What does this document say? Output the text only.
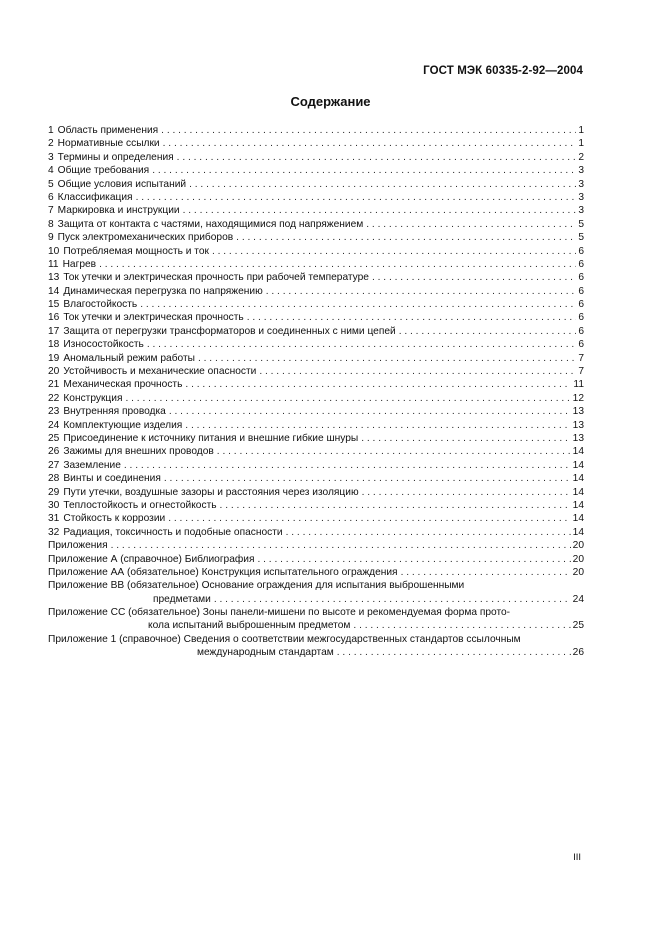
ГОСТ МЭК 60335-2-92—2004
Содержание
1 Область применения . . .	1
2 Нормативные ссылки . . .	1
3 Термины и определения . . .	2
4 Общие требования . . .	3
5 Общие условия испытаний . . .	3
6 Классификация . . .	3
7 Маркировка и инструкции . . .	3
8 Защита от контакта с частями, находящимися под напряжением . . .	5
9 Пуск электромеханических приборов . . .	5
10 Потребляемая мощность и ток . . .	6
11 Нагрев . . .	6
13 Ток утечки и электрическая прочность при рабочей температуре . . .	6
14 Динамическая перегрузка по напряжению . . .	6
15 Влагостойкость . . .	6
16 Ток утечки и электрическая прочность . . .	6
17 Защита от перегрузки трансформаторов и соединенных с ними цепей . . .	6
18 Износостойкость . . .	6
19 Аномальный режим работы . . .	7
20 Устойчивость и механические опасности . . .	7
21 Механическая прочность . . .	11
22 Конструкция . . .	12
23 Внутренняя проводка . . .	13
24 Комплектующие изделия . . .	13
25 Присоединение к источнику питания и внешние гибкие шнуры . . .	13
26 Зажимы для внешних проводов . . .	14
27 Заземление . . .	14
28 Винты и соединения . . .	14
29 Пути утечки, воздушные зазоры и расстояния через изоляцию . . .	14
30 Теплостойкость и огнестойкость . . .	14
31 Стойкость к коррозии . . .	14
32 Радиация, токсичность и подобные опасности . . .	14
Приложения . . .	20
Приложение А (справочное) Библиография . . .	20
Приложение АА (обязательное) Конструкция испытательного ограждения . . .	20
Приложение ВВ (обязательное) Основание ограждения для испытания выброшенными
предметами . . .	24
Приложение СС (обязательное) Зоны панели-мишени по высоте и рекомендуемая форма прото-
кола испытаний выброшенным предметом . . .	25
Приложение 1 (справочное) Сведения о соответствии межгосударственных стандартов ссылочным
международным стандартам . . .	26
III
